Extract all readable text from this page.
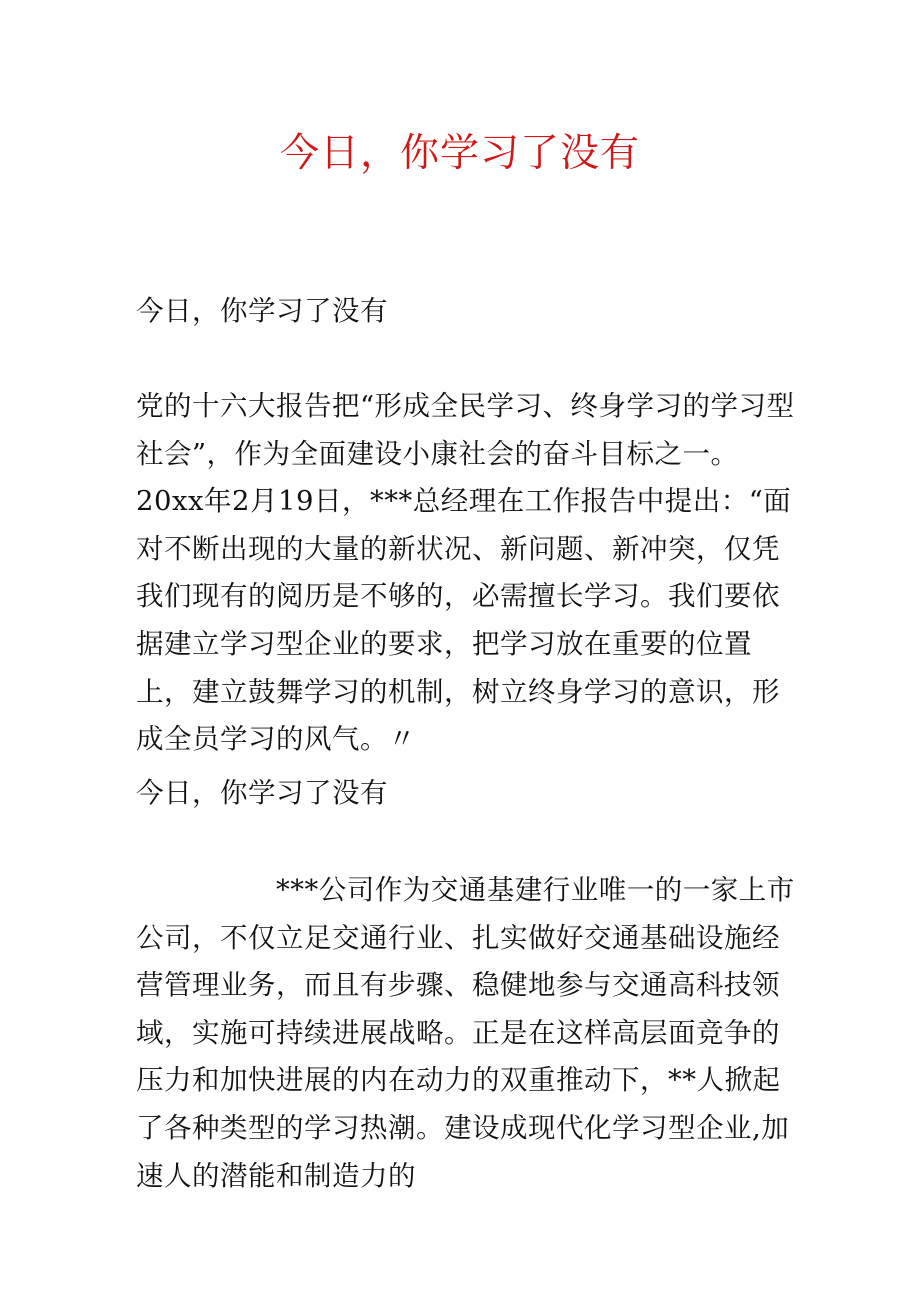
今日，你学习了没有
今日，你学习了没有

党的十六大报告把“形成全民学习、终身学习的学习型社会”，作为全面建设小康社会的奋斗目标之一。20xx年2月19日，***总经理在工作报告中提出：“面对不断出现的大量的新状况、新问题、新冲突，仅凭我们现有的阅历是不够的，必需擅长学习。我们要依据建立学习型企业的要求，把学习放在重要的位置上，建立鼓舞学习的机制，树立终身学习的意识，形成全员学习的风气。〃

今日，你学习了没有

***公司作为交通基建行业唯一的一家上市公司，不仅立足交通行业、扎实做好交通基础设施经营管理业务，而且有步骤、稳健地参与交通高科技领域，实施可持续进展战略。正是在这样高层面竞争的压力和加快进展的内在动力的双重推动下，**人掀起了各种类型的学习热潮。建设成现代化学习型企业,加速人的潜能和制造力的
